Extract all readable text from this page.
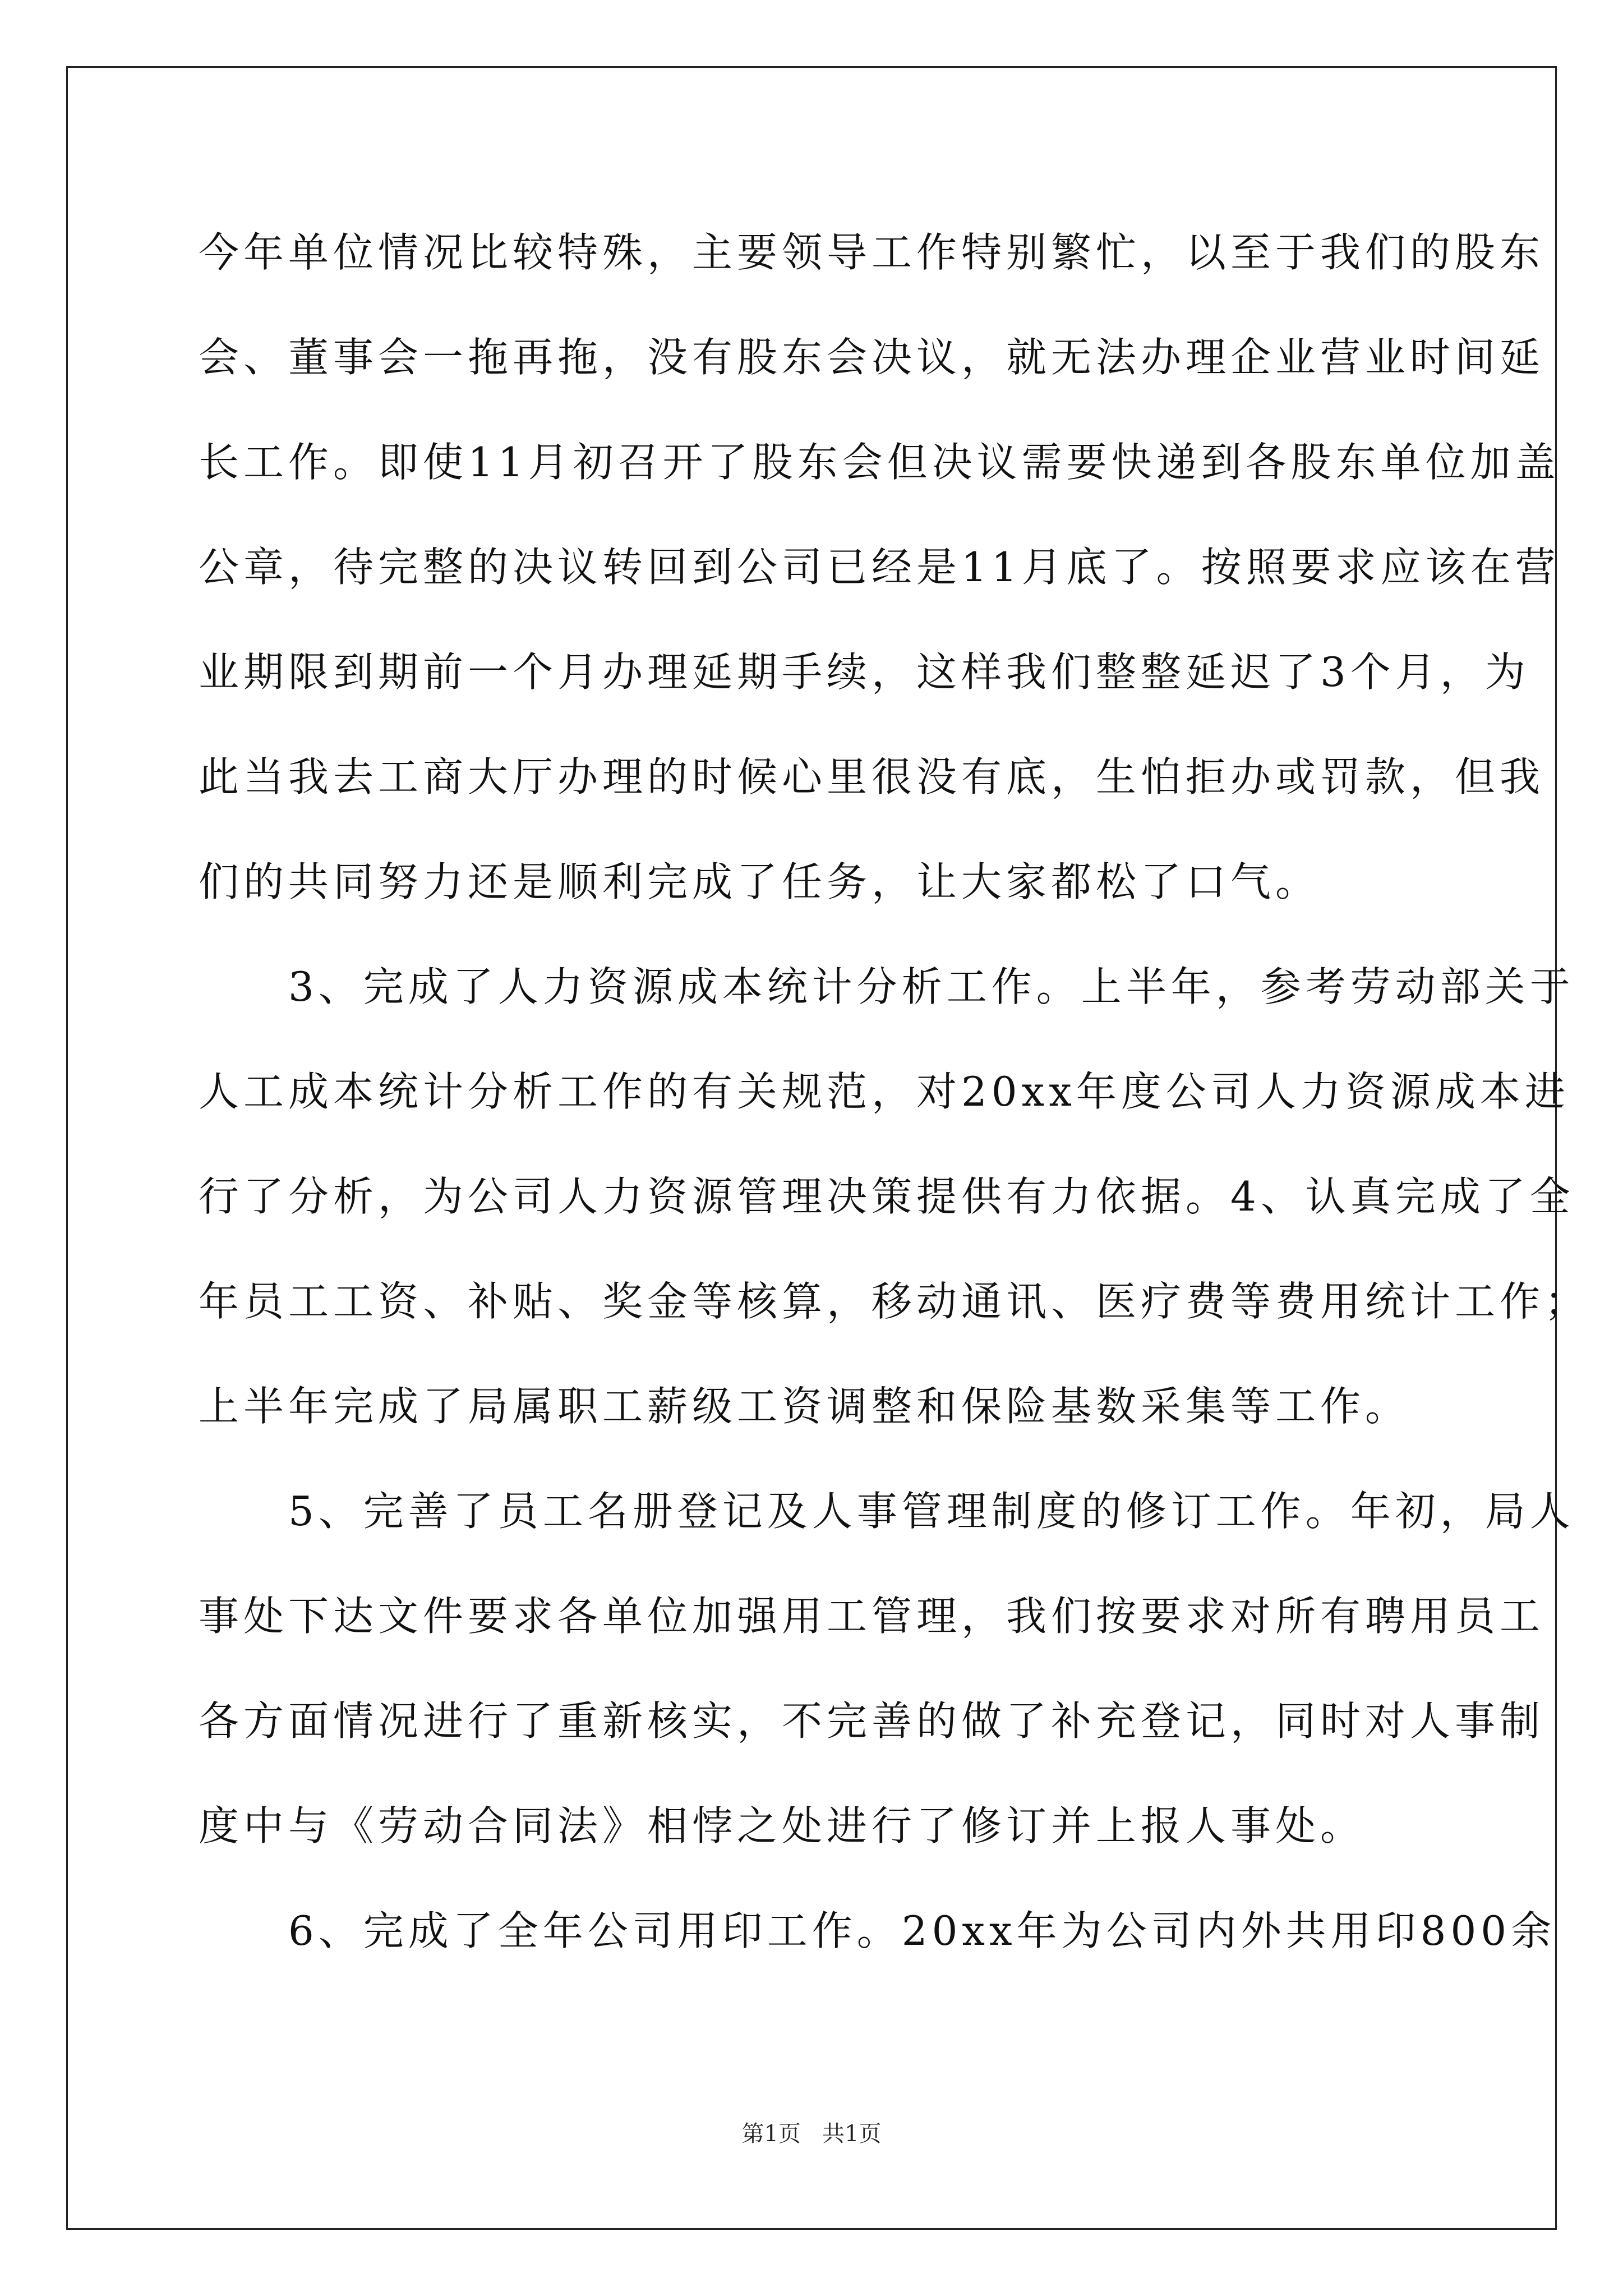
今年单位情况比较特殊，主要领导工作特别繁忙，以至于我们的股东
会、董事会一拖再拖，没有股东会决议，就无法办理企业营业时间延
长工作。即使11月初召开了股东会但决议需要快递到各股东单位加盖
公章，待完整的决议转回到公司已经是11月底了。按照要求应该在营
业期限到期前一个月办理延期手续，这样我们整整延迟了3个月，为
此当我去工商大厅办理的时候心里很没有底，生怕拒办或罚款，但我
们的共同努力还是顺利完成了任务，让大家都松了口气。
　　3、完成了人力资源成本统计分析工作。上半年，参考劳动部关于
人工成本统计分析工作的有关规范，对20xx年度公司人力资源成本进
行了分析，为公司人力资源管理决策提供有力依据。4、认真完成了全
年员工工资、补贴、奖金等核算，移动通讯、医疗费等费用统计工作；
上半年完成了局属职工薪级工资调整和保险基数采集等工作。
　　5、完善了员工名册登记及人事管理制度的修订工作。年初，局人
事处下达文件要求各单位加强用工管理，我们按要求对所有聘用员工
各方面情况进行了重新核实，不完善的做了补充登记，同时对人事制
度中与《劳动合同法》相悖之处进行了修订并上报人事处。
　　6、完成了全年公司用印工作。20xx年为公司内外共用印800余
第1页   共1页
